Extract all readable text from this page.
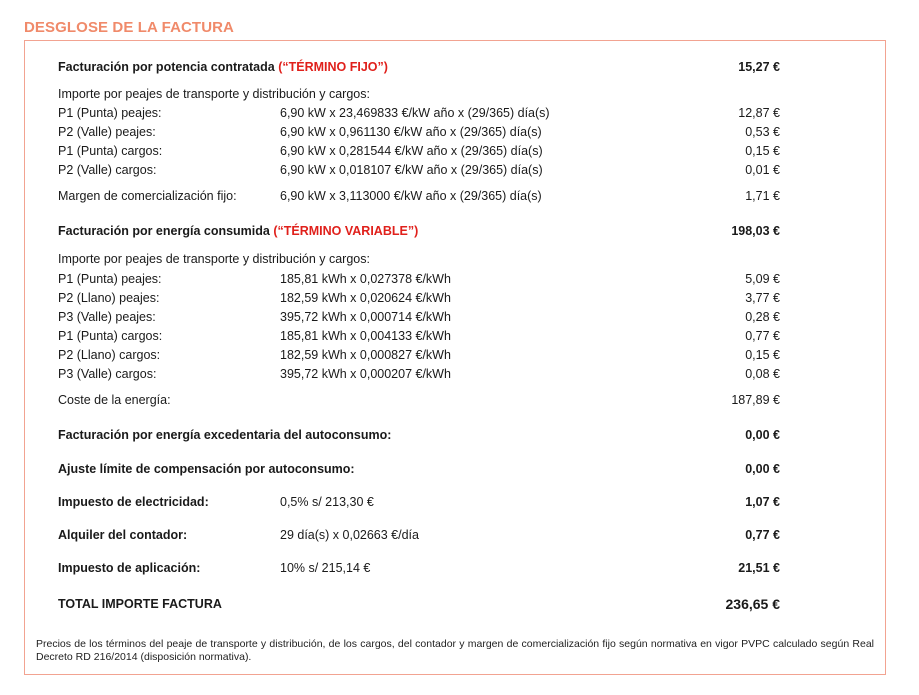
DESGLOSE DE LA FACTURA
Facturación por potencia contratada (“TÉRMINO FIJO”)	15,27 €
Importe por peajes de transporte y distribución y cargos:
P1 (Punta) peajes:	6,90 kW x 23,469833 €/kW año x (29/365) día(s)	12,87 €
P2 (Valle) peajes:	6,90 kW x 0,961130 €/kW año x (29/365) día(s)	0,53 €
P1 (Punta) cargos:	6,90 kW x 0,281544 €/kW año x (29/365) día(s)	0,15 €
P2 (Valle) cargos:	6,90 kW x 0,018107 €/kW año x (29/365) día(s)	0,01 €
Margen de comercialización fijo:	6,90 kW x 3,113000 €/kW año x (29/365) día(s)	1,71 €
Facturación por energía consumida (“TÉRMINO VARIABLE”)	198,03 €
Importe por peajes de transporte y distribución y cargos:
P1 (Punta) peajes:	185,81 kWh x 0,027378 €/kWh	5,09 €
P2 (Llano) peajes:	182,59 kWh x 0,020624 €/kWh	3,77 €
P3 (Valle) peajes:	395,72 kWh x 0,000714 €/kWh	0,28 €
P1 (Punta) cargos:	185,81 kWh x 0,004133 €/kWh	0,77 €
P2 (Llano) cargos:	182,59 kWh x 0,000827 €/kWh	0,15 €
P3 (Valle) cargos:	395,72 kWh x 0,000207 €/kWh	0,08 €
Coste de la energía:	187,89 €
Facturación por energía excedentaria del autoconsumo:	0,00 €
Ajuste límite de compensación por autoconsumo:	0,00 €
Impuesto de electricidad:	0,5% s/ 213,30 €	1,07 €
Alquiler del contador:	29 día(s) x 0,02663 €/día	0,77 €
Impuesto de aplicación:	10% s/ 215,14 €	21,51 €
TOTAL IMPORTE FACTURA	236,65 €
Precios de los términos del peaje de transporte y distribución, de los cargos, del contador y margen de comercialización fijo según normativa en vigor PVPC calculado según Real Decreto RD 216/2014 (disposición normativa).
